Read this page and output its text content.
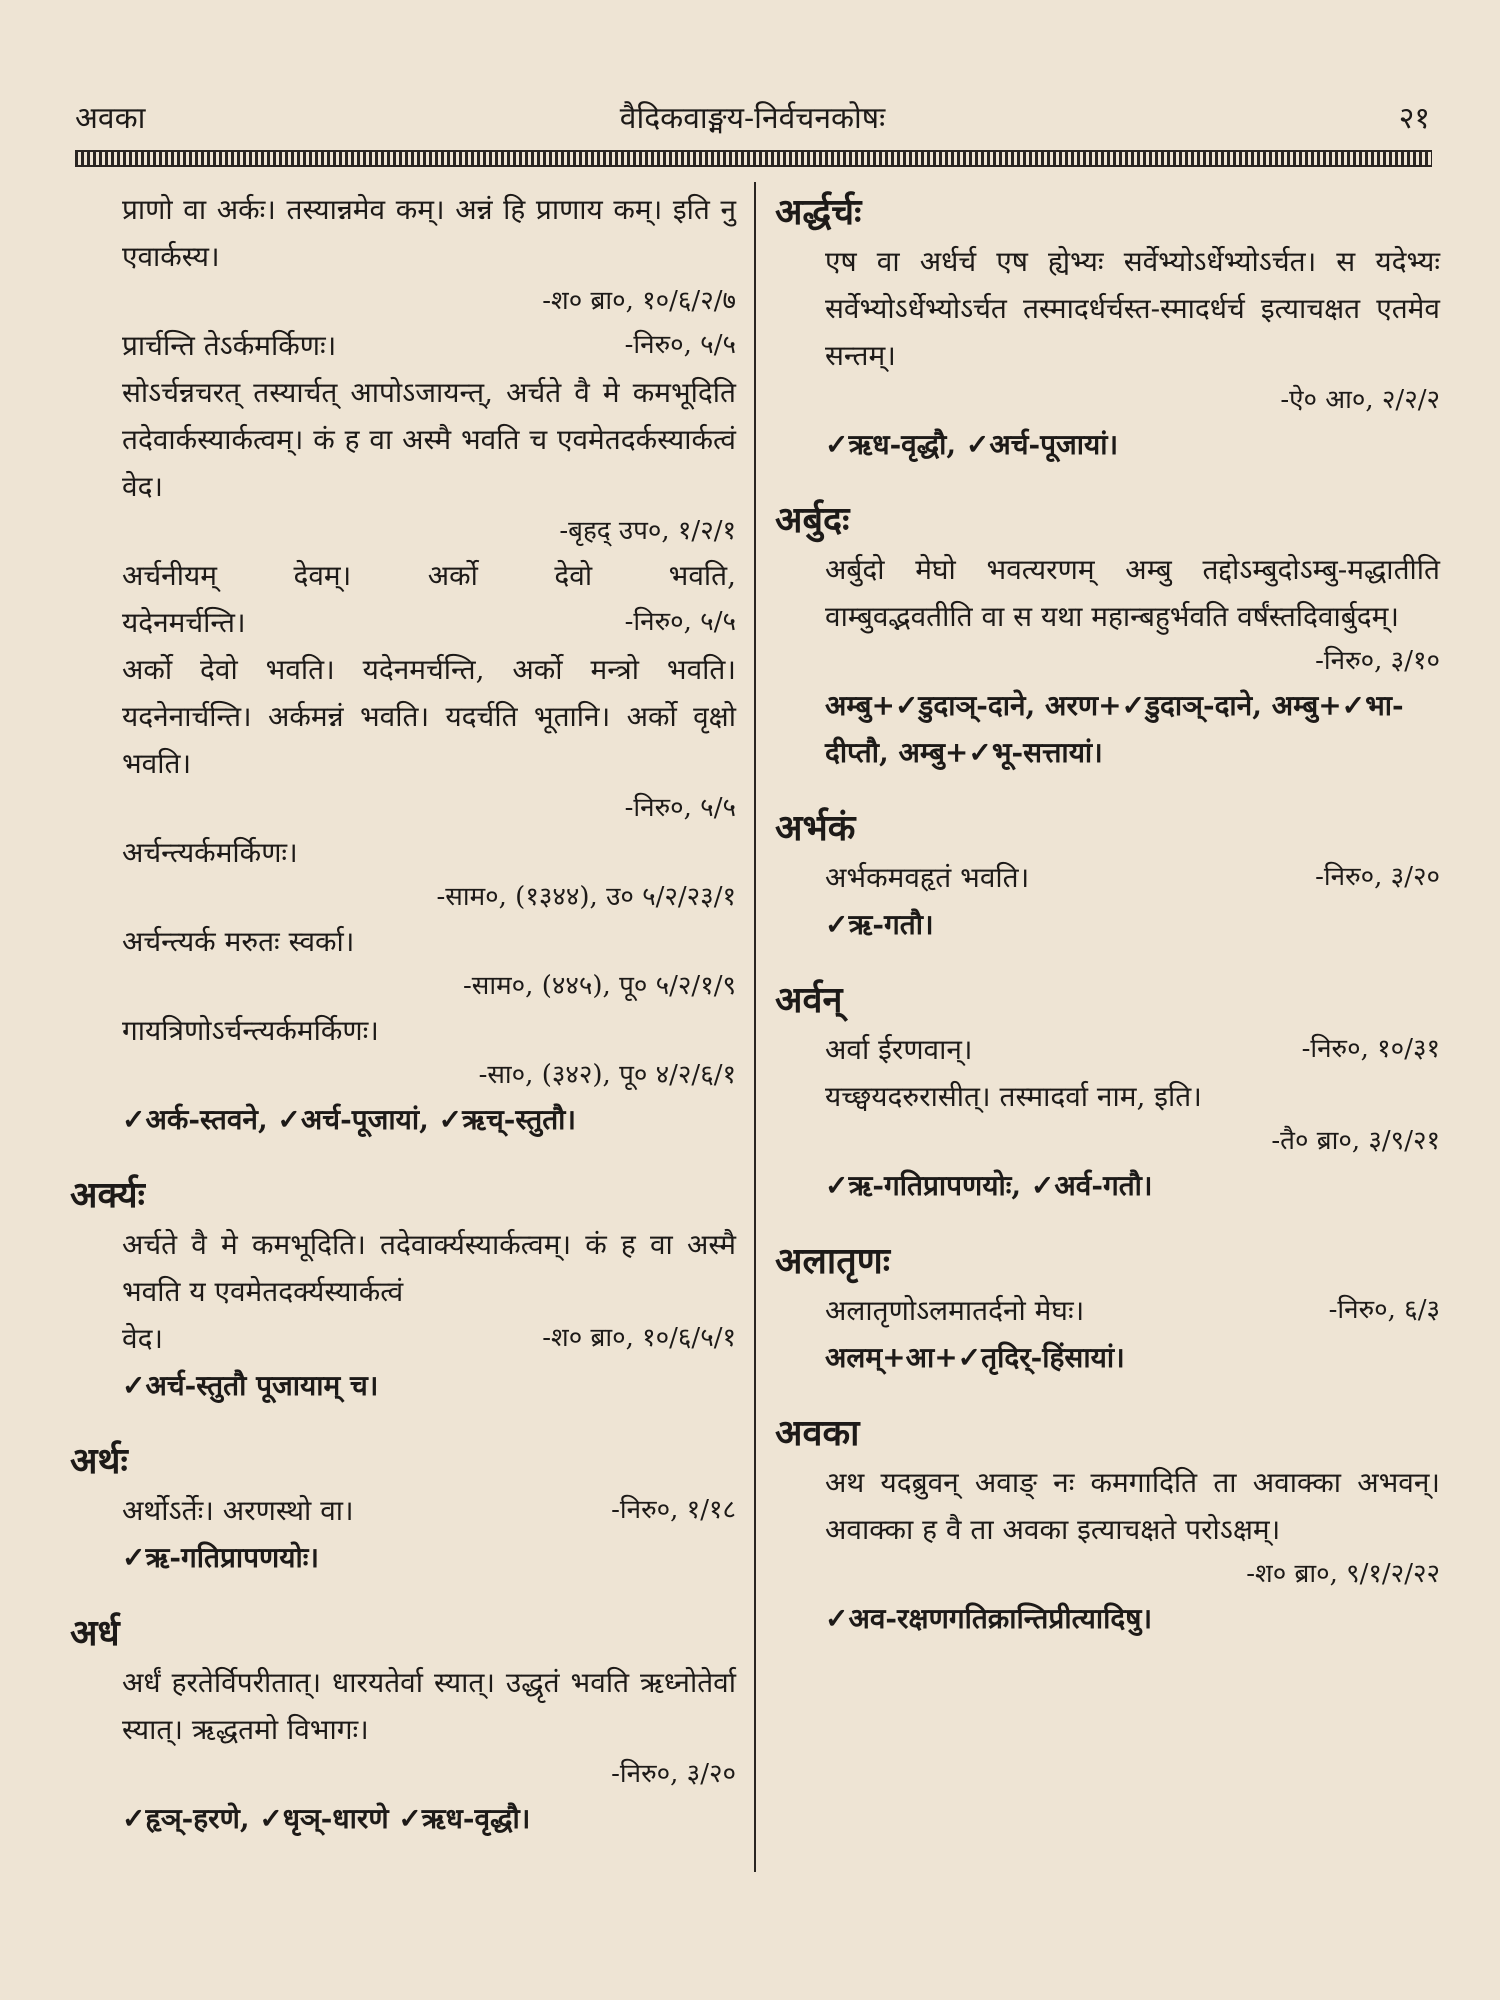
अवका	वैदिकवाङ्मय-निर्वचनकोषः	२१

प्राणो वा अर्कः। तस्यान्नमेव कम्। अन्नं हि प्राणाय कम्। इति नु एवार्कस्य।

-श० ब्रा०, १०/६/२/७

प्रार्चन्ति तेऽर्कमर्किणः।	-निरु०, ५/५

सोऽर्चन्नचरत् तस्यार्चत् आपोऽजायन्त्, अर्चते वै मे कमभूदिति तदेवार्कस्यार्कत्वम्। कं ह वा अस्मै भवति च एवमेतदर्कस्यार्कत्वं वेद।

-बृहद् उप०, १/२/१

अर्चनीयम् देवम्। अर्को देवो भवति,

यदेनमर्चन्ति।	-निरु०, ५/५

अर्को देवो भवति। यदेनमर्चन्ति, अर्को मन्त्रो भवति। यदनेनार्चन्ति। अर्कमन्नं भवति। यदर्चति भूतानि। अर्को वृक्षो भवति।

-निरु०, ५/५

अर्चन्त्यर्कमर्किणः।

-साम०, (१३४४), उ० ५/२/२३/१

अर्चन्त्यर्क मरुतः स्वर्का।

-साम०, (४४५), पू० ५/२/१/९

गायत्रिणोऽर्चन्त्यर्कमर्किणः।

-सा०, (३४२), पू० ४/२/६/१

✓अर्क-स्तवने, ✓अर्च-पूजायां, ✓ऋच्-स्तुतौ।

अर्क्यः

अर्चते वै मे कमभूदिति। तदेवार्क्यस्यार्कत्वम्। कं ह वा अस्मै भवति य एवमेतदर्क्यस्यार्कत्वं

वेद।	-श० ब्रा०, १०/६/५/१

✓अर्च-स्तुतौ पूजायाम् च।

अर्थः
अर्थोऽर्तेः। अरणस्थो वा।	-निरु०, १/१८

✓ऋ-गतिप्रापणयोः।

अर्ध

अर्धं हरतेर्विपरीतात्। धारयतेर्वा स्यात्। उद्धृतं भवति ऋध्नोतेर्वा स्यात्। ऋद्धतमो विभागः।

-निरु०, ३/२०

✓हृञ्-हरणे, ✓धृञ्-धारणे ✓ऋध-वृद्धौ।

अर्द्धर्चः

एष वा अर्धर्च एष ह्येभ्यः सर्वेभ्योऽर्धेभ्योऽर्चत। स यदेभ्यः सर्वेभ्योऽर्धेभ्योऽर्चत तस्मादर्धर्चस्त-स्मादर्धर्च इत्याचक्षत एतमेव सन्तम्।

-ऐ० आ०, २/२/२

✓ऋध-वृद्धौ, ✓अर्च-पूजायां।

अर्बुदः

अर्बुदो मेघो भवत्यरणम् अम्बु तद्दोऽम्बुदोऽम्बु-मद्धातीति वाम्बुवद्भवतीति वा स यथा महान्बहुर्भवति वर्षंस्तदिवार्बुदम्।

-निरु०, ३/१०

अम्बु+✓डुदाञ्-दाने, अरण+✓डुदाञ्-दाने, अम्बु+✓भा-दीप्तौ, अम्बु+✓भू-सत्तायां।

अर्भकं
अर्भकमवहृतं भवति।	-निरु०, ३/२०

✓ऋ-गतौ।

अर्वन्
अर्वा ईरणवान्।	-निरु०, १०/३१

यच्छ्वयदरुरासीत्। तस्मादर्वा नाम, इति।

-तै० ब्रा०, ३/९/२१

✓ऋ-गतिप्रापणयोः, ✓अर्व-गतौ।

अलातृणः
अलातृणोऽलमातर्दनो मेघः।	-निरु०, ६/३

अलम्+आ+✓तृदिर्-हिंसायां।

अवका

अथ यदब्रुवन् अवाङ् नः कमगादिति ता अवाक्का अभवन्। अवाक्का ह वै ता अवका इत्याचक्षते परोऽक्षम्।

-श० ब्रा०, ९/१/२/२२

✓अव-रक्षणगतिक्रान्तिप्रीत्यादिषु।
